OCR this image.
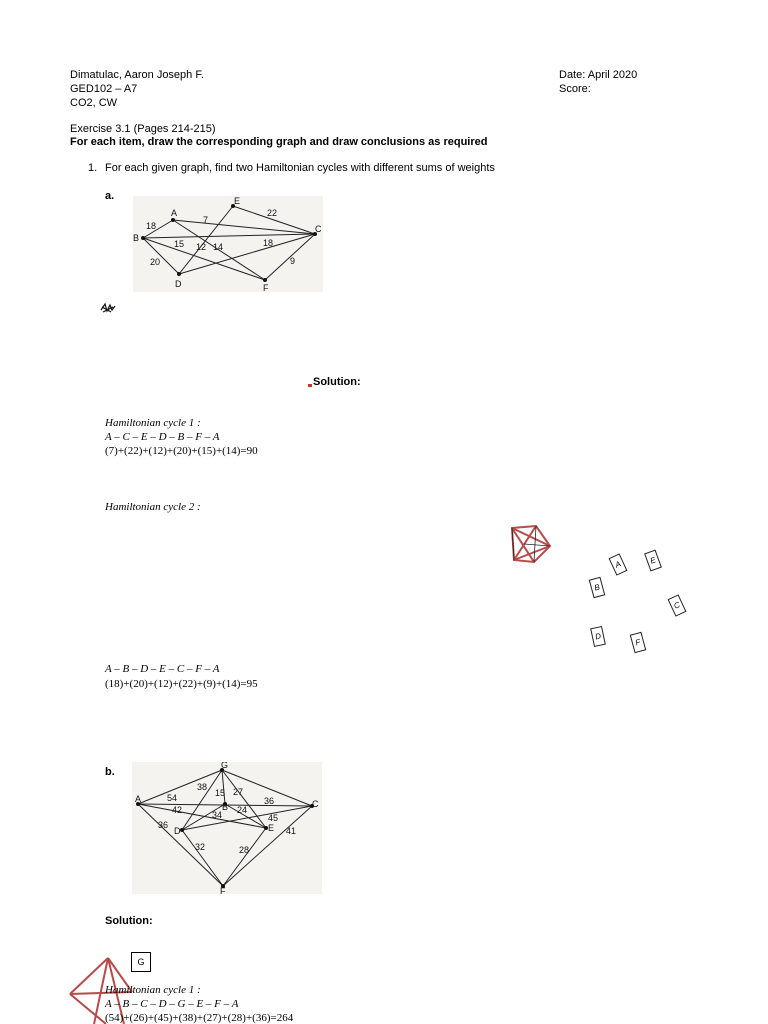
Dimatulac, Aaron Joseph F.
GED102 – A7
CO2, CW
Date: April 2020
Score:
Exercise 3.1 (Pages 214-215)
For each item, draw the corresponding graph and draw conclusions as required
1. For each given graph, find two Hamiltonian cycles with different sums of weights
a.
A
B
C
D
E
F
18
7
22
15 12 14	18
20	9
Solution:
Hamiltonian cycle 1 :
A – C – E – D – B – F – A
(7)+(22)+(12)+(20)+(15)+(14)=90
Hamiltonian cycle 2 :
A	E
B
C
D
F
A – B – D – E – C – F – A
(18)+(20)+(12)+(22)+(9)+(14)=95
b.
G
A
B	C
D	E
F
38	27
15
54	36
42	34 24
45
36
41
32	28
Solution:
G
Hamiltonian cycle 1 :
A – B – C – D – G – E – F – A
(54)+(26)+(45)+(38)+(27)+(28)+(36)=264
